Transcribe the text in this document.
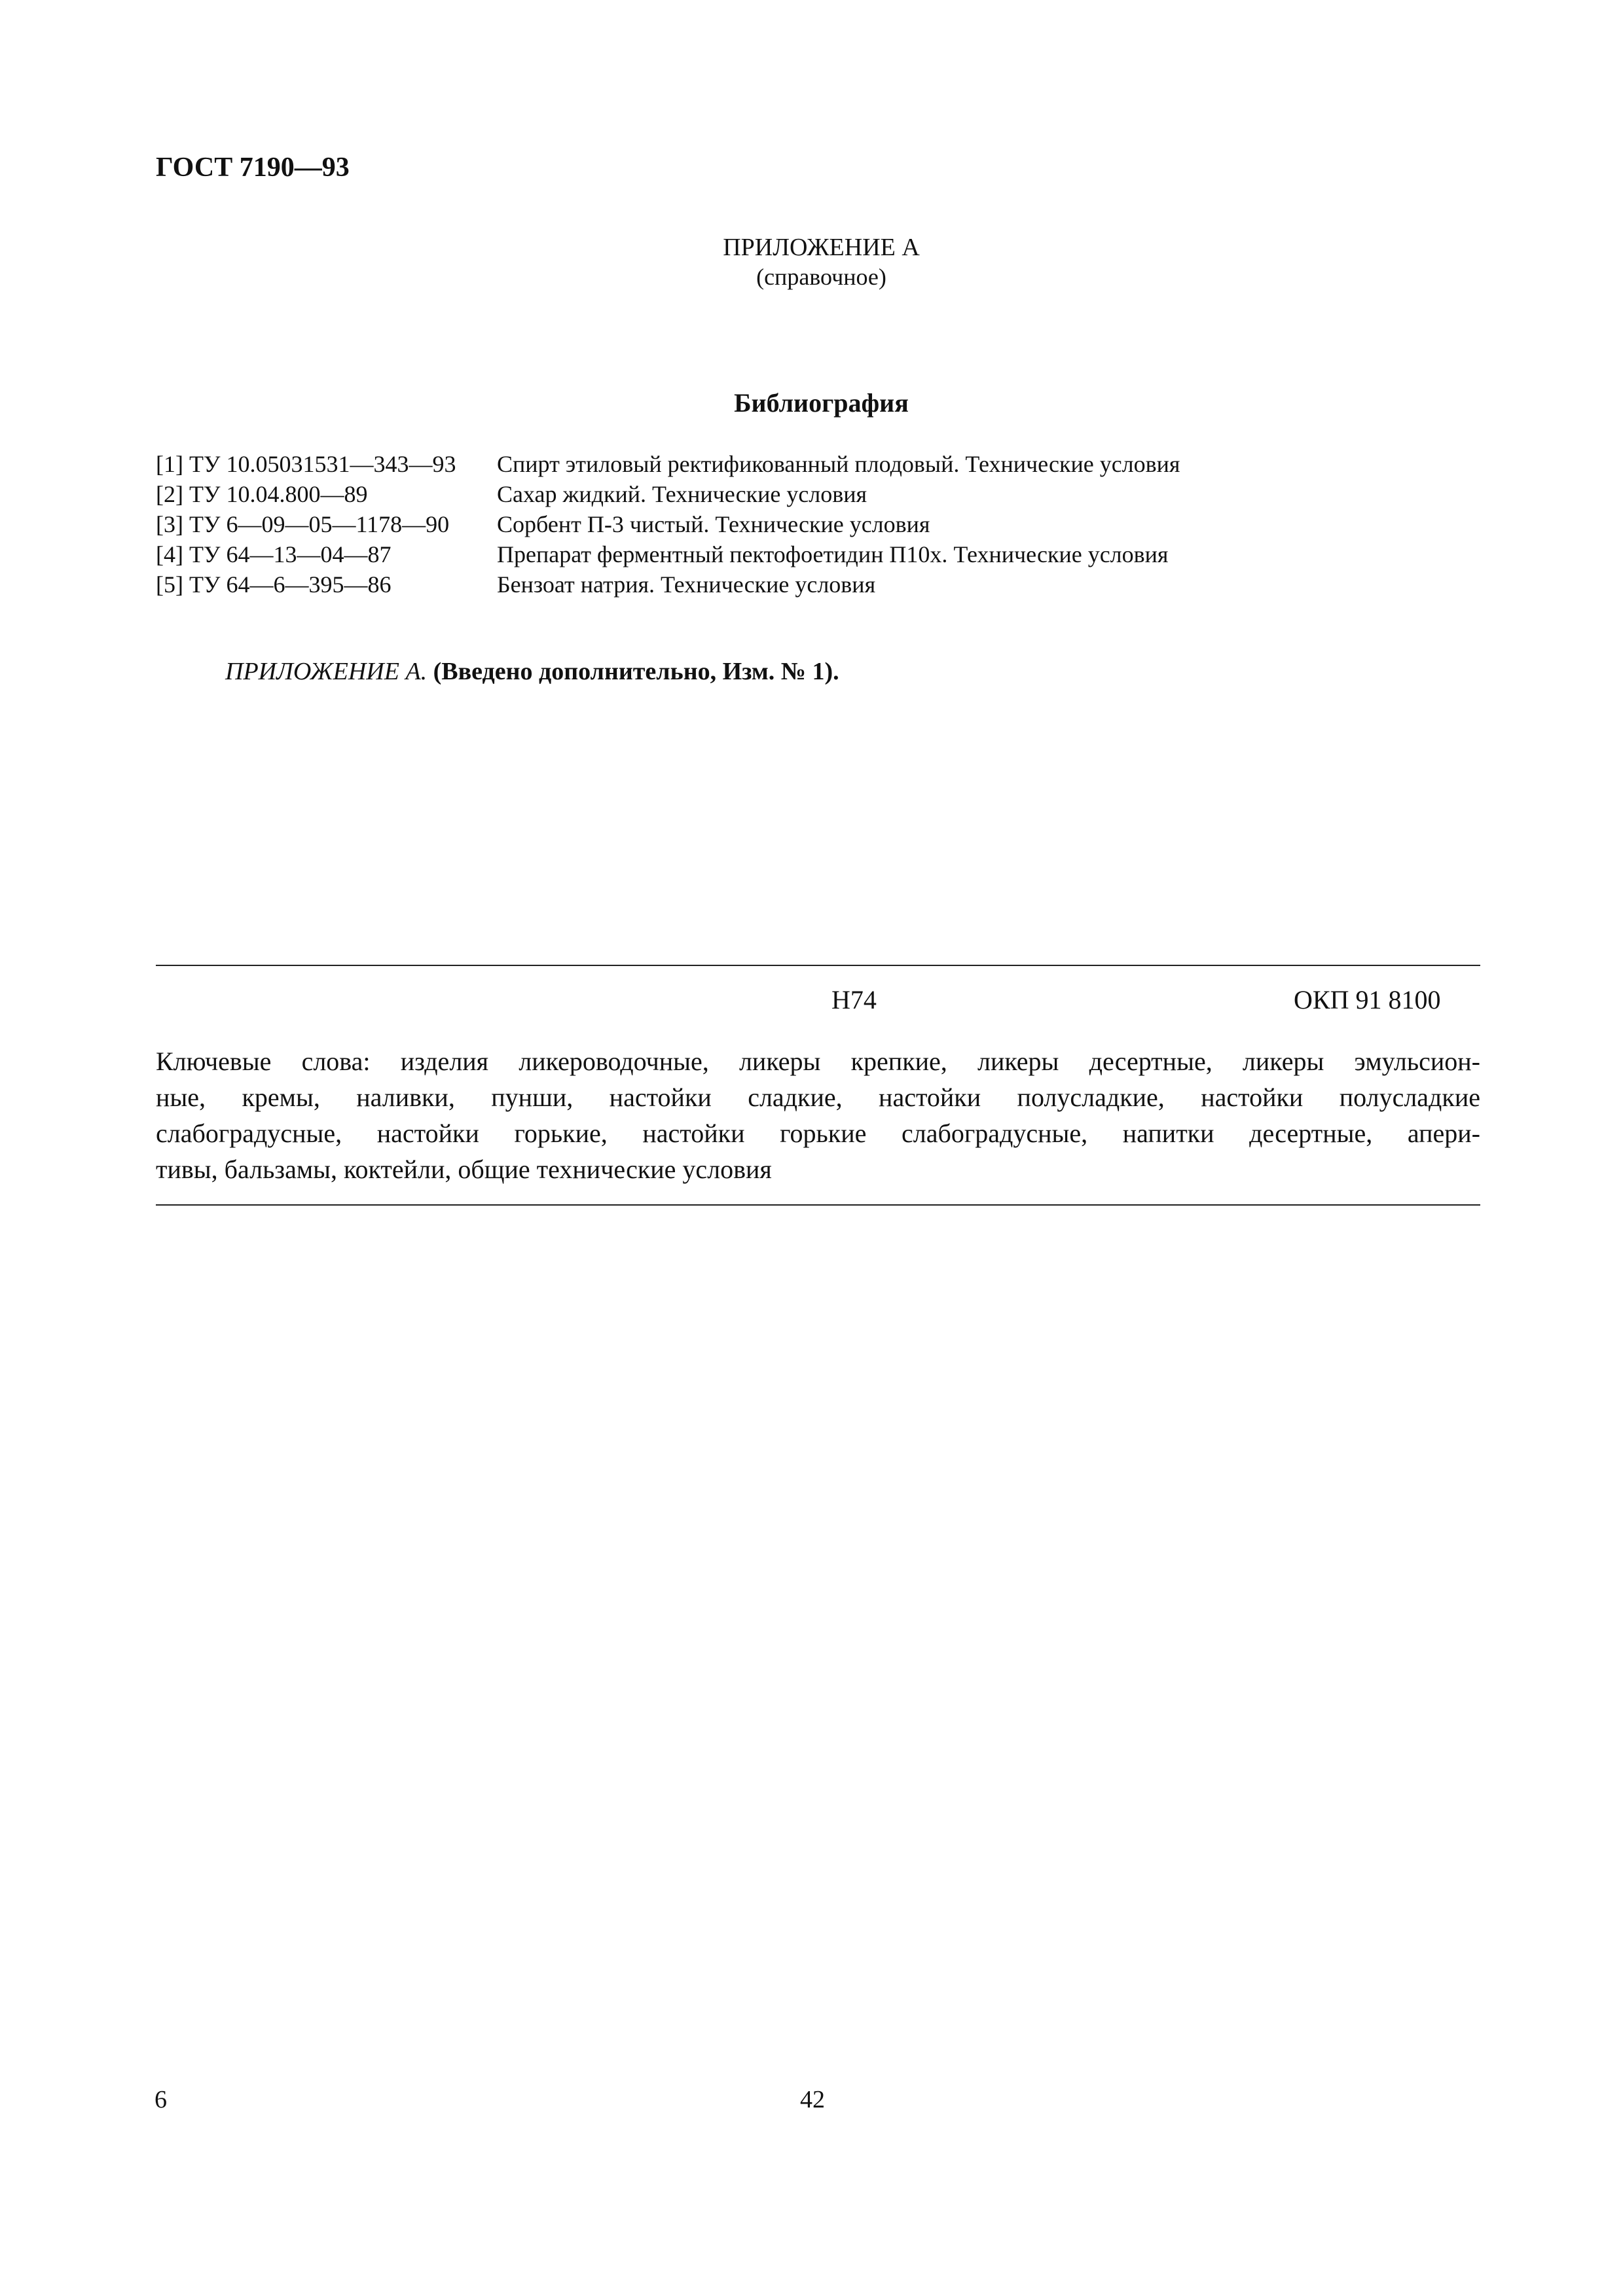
ГОСТ 7190—93
ПРИЛОЖЕНИЕ А
(справочное)
Библиография
[1] ТУ 10.05031531—343—93 Спирт этиловый ректификованный плодовый. Технические условия
[2] ТУ 10.04.800—89	Сахар жидкий. Технические условия
[3] ТУ 6—09—05—1178—90 Сорбент П-3 чистый. Технические условия
[4] ТУ 64—13—04—87	Препарат ферментный пектофоетидин П10х. Технические условия
[5] ТУ 64—6—395—86	Бензоат натрия. Технические условия
ПРИЛОЖЕНИЕ А. (Введено дополнительно, Изм. № 1).
Н74	ОКП 91 8100
Ключевые слова: изделия ликероводочные, ликеры крепкие, ликеры десертные, ликеры эмульсион-
ные, кремы, наливки, пунши, настойки сладкие, настойки полусладкие, настойки полусладкие
слабоградусные, настойки горькие, настойки горькие слабоградусные, напитки десертные, апери-
тивы, бальзамы, коктейли, общие технические условия
6	42
